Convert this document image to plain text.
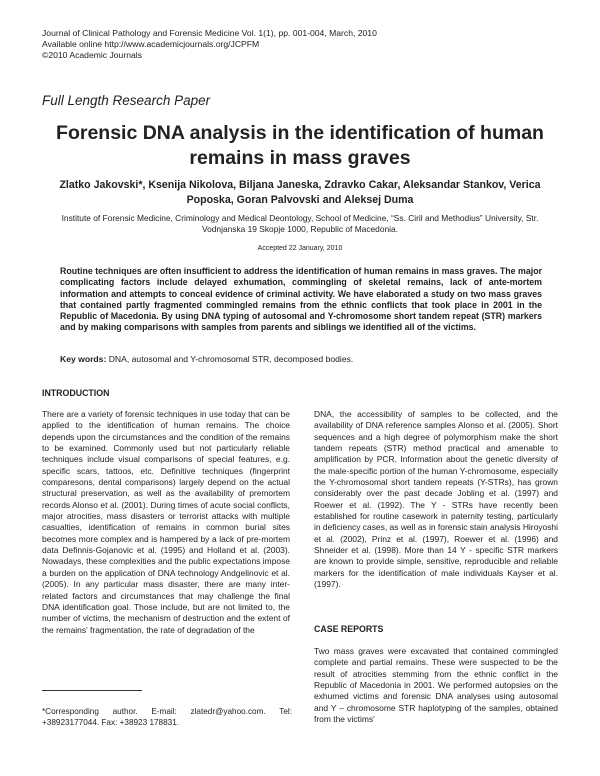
Journal of Clinical Pathology and Forensic Medicine Vol. 1(1), pp. 001-004, March, 2010
Available online http://www.academicjournals.org/JCPFM
©2010 Academic Journals
Full Length Research Paper
Forensic DNA analysis in the identification of human remains in mass graves
Zlatko Jakovski*, Ksenija Nikolova, Biljana Janeska, Zdravko Cakar, Aleksandar Stankov, Verica Poposka, Goran Palvovski and Aleksej Duma
Institute of Forensic Medicine, Criminology and Medical Deontology, School of Medicine, “Ss. Ciril and Methodius” University, Str. Vodnjanska 19 Skopje 1000, Republic of Macedonia.
Accepted 22 January, 2010
Routine techniques are often insufficient to address the identification of human remains in mass graves. The major complicating factors include delayed exhumation, commingling of skeletal remains, lack of ante-mortem information and attempts to conceal evidence of criminal activity. We have elaborated a study on two mass graves that contained partly fragmented commingled remains from the ethnic conflicts that took place in 2001 in the Republic of Macedonia. By using DNA typing of autosomal and Y-chromosome short tandem repeat (STR) markers and by making comparisons with samples from parents and siblings we identified all of the victims.
Key words: DNA, autosomal and Y-chromosomal STR, decomposed bodies.
INTRODUCTION

There are a variety of forensic techniques in use today that can be applied to the identification of human remains. The choice depends upon the circumstances and the condition of the remains to be examined. Commonly used but not particularly reliable techniques include visual comparisons of special features, e.g. specific scars, tattoos, etc. Definitive techniques (fingerprint comparesons, dental comparisons) largely depend on the actual structural preservation, as well as the availability of premortem records Alonso et al. (2001). During times of acute social conflicts, major atrocities, mass disasters or terrorist attacks with multiple casualties, identification of remains in common burial sites becomes more complex and is hampered by a lack of pre-mortem data Definnis-Gojanovic et al. (1995) and Holland et al. (2003). Nowadays, these complexities and the public expectations impose a burden on the application of DNA technology Andgelinovic et al. (2005). In any particular mass disaster, there are many inter-related factors and circumstances that may challenge the final DNA identification goal. Those include, but are not limited to, the number of victims, the mechanism of destruction and the extent of the remains' fragmentation, the rate of degradation of the

DNA, the accessibility of samples to be collected, and the availability of DNA reference samples Alonso et al. (2005). Short sequences and a high degree of polymorphism make the short tandem repeats (STR) method practical and amenable to amplification by PCR. Information about the genetic diversity of the male-specific portion of the human Y-chromosome, especially the Y-chromosomal short tandem repeats (Y-STRs), has grown considerably over the past decade Jobling et al. (1997) and Roewer et al. (1992). The Y - STRs have recently been established for routine casework in paternity testing, particularly in deficiency cases, as well as in forensic stain analysis Hiroyoshi et al. (2002), Prinz et al. (1997), Roewer et al. (1996) and Shneider et al. (1998). More than 14 Y - specific STR markers are known to provide simple, sensitive, reproducible and reliable markers for the identification of male individuals Kayser et al. (1997).

CASE REPORTS

Two mass graves were excavated that contained commingled complete and partial remains. These were suspected to be the result of atrocities stemming from the ethnic conflict in the Republic of Macedonia in 2001. We performed autopsies on the exhumed victims and forensic DNA analyses using autosomal and Y – chromosome STR haplotyping of the samples, obtained from the victims'

*Corresponding author. E-mail: zlatedr@yahoo.com. Tel: +38923177044. Fax: +38923 178831.
